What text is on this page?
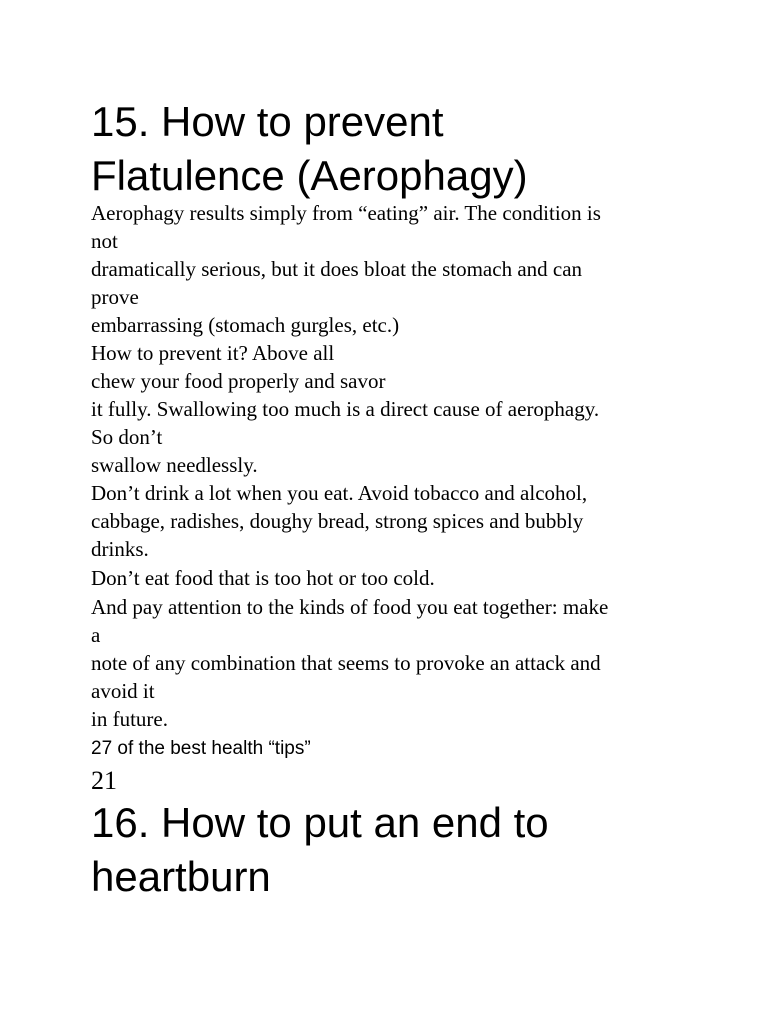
15. How to prevent
Flatulence (Aerophagy)
Aerophagy results simply from “eating” air. The condition is
not
dramatically serious, but it does bloat the stomach and can
prove
embarrassing (stomach gurgles, etc.)
How to prevent it? Above all
chew your food properly and savor
it fully. Swallowing too much is a direct cause of aerophagy.
So don’t
swallow needlessly.
Don’t drink a lot when you eat. Avoid tobacco and alcohol,
cabbage, radishes, doughy bread, strong spices and bubbly
drinks.
Don’t eat food that is too hot or too cold.
And pay attention to the kinds of food you eat together: make
a
note of any combination that seems to provoke an attack and
avoid it
in future.
27 of the best health “tips”
21
16. How to put an end to
heartburn
